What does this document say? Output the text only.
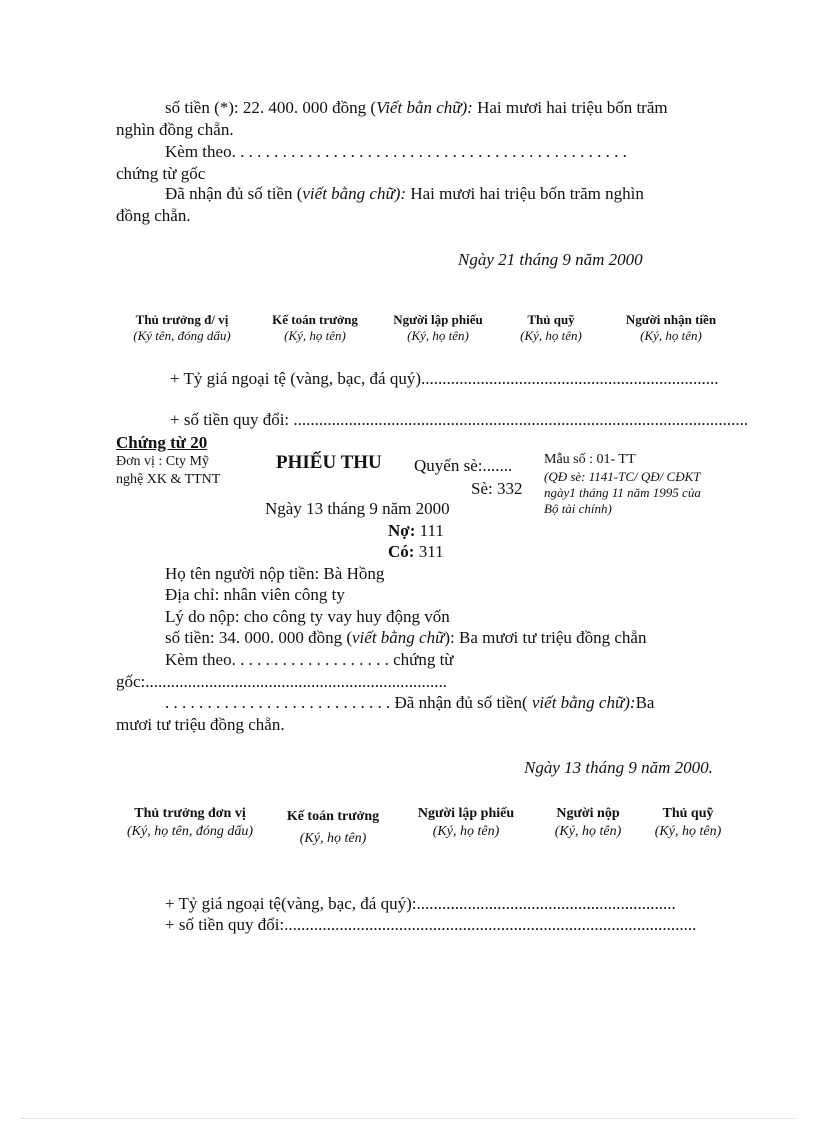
số tiền (*): 22. 400. 000 đồng (Viết bằn chữ): Hai mươi hai triệu bốn trăm
nghìn đồng chẵn.
Kèm theo. . . . . . . . . . . . . . . . . . . . . . . . . . . . . . . . . . . . . . . . . . . . . . .
chứng từ gốc
Đã nhận đủ số tiền (viết bằng chữ): Hai mươi hai triệu bốn trăm nghìn
đồng chẵn.
Ngày 21 tháng 9 năm 2000
Thủ trưởng đ/ vị
(Ký tên, đóng dấu)
Kế toán trưởng
(Ký, họ tên)
Người lập phiếu
(Ký, họ tên)
Thủ quỹ
(Ký, họ tên)
Người nhận tiền
(Ký, họ tên)
+ Tỷ giá ngoại tệ (vàng, bạc, đá quý)......................................................................
+ số tiền quy đổi: ...........................................................................................................
Chứng từ 20
Đơn vị : Cty Mỹ
nghệ XK & TTNT
PHIẾU THU Quyển sè:.......
Sè: 332
Mẫu số : 01- TT
(QĐ sè: 1141-TC/ QĐ/ CĐKT
ngày1 tháng 11 năm 1995 của
Bộ tài chính)
Ngày 13 tháng 9 năm 2000
Nợ: 111
Có: 311
Họ tên người nộp tiền: Bà Hồng
Địa chỉ: nhân viên công ty
Lý do nộp: cho công ty vay huy động vốn
số tiền: 34. 000. 000 đồng (viết bằng chữ): Ba mươi tư triệu đồng chẵn
Kèm theo. . . . . . . . . . . . . . . . . . . chứng từ
gốc:.......................................................................
. . . . . . . . . . . . . . . . . . . . . . . . . . . Đã nhận đủ số tiền( viết bằng chữ):Ba
mươi tư triệu đồng chẵn.
Ngày 13 tháng 9 năm 2000.
Thủ trưởng đơn vị
(Ký, họ tên, đóng dấu)
Kế toán trưởng
(Ký, họ tên)
Người lập phiếu
(Ký, họ tên)
Người nộp
(Ký, họ tên)
Thủ quỹ
(Ký, họ tên)
+ Tỷ giá ngoại tệ(vàng, bạc, đá quý):.............................................................
+ số tiền quy đổi:.................................................................................................
